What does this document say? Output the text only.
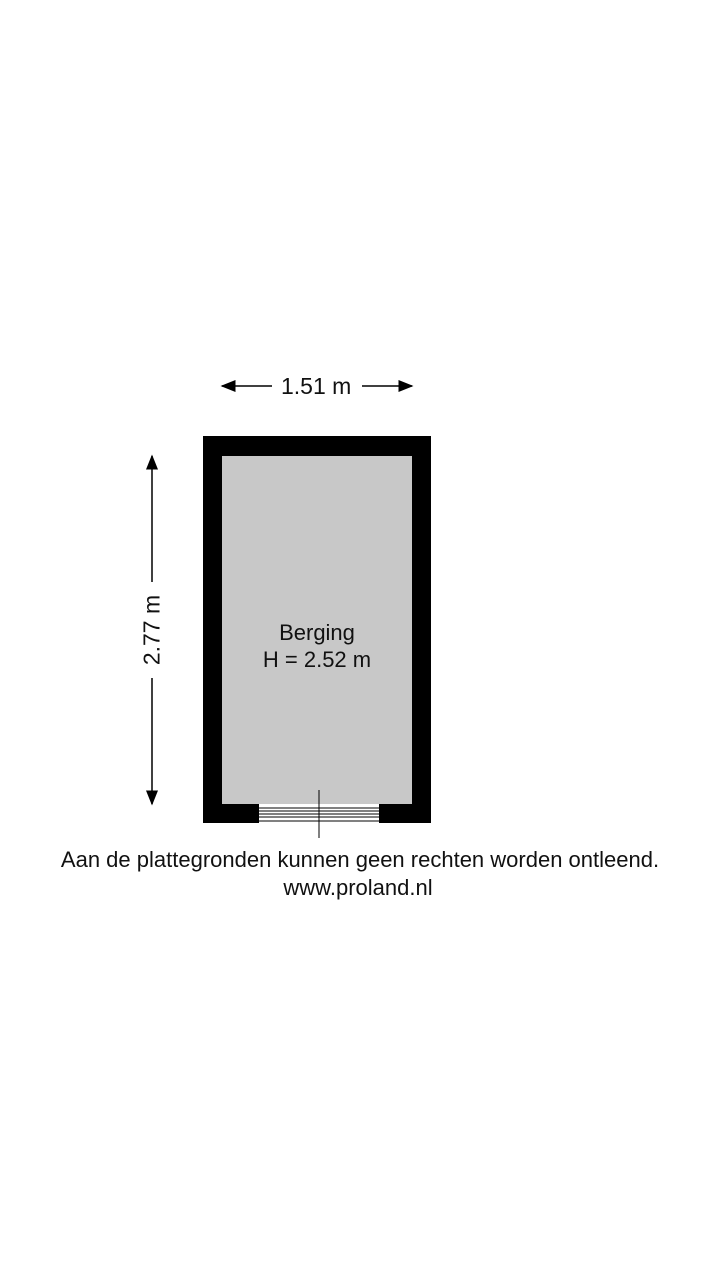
1.51 m
2.77 m	Berging
H = 2.52 m
Aan de plattegronden kunnen geen rechten worden ontleend.
www.proland.nl
